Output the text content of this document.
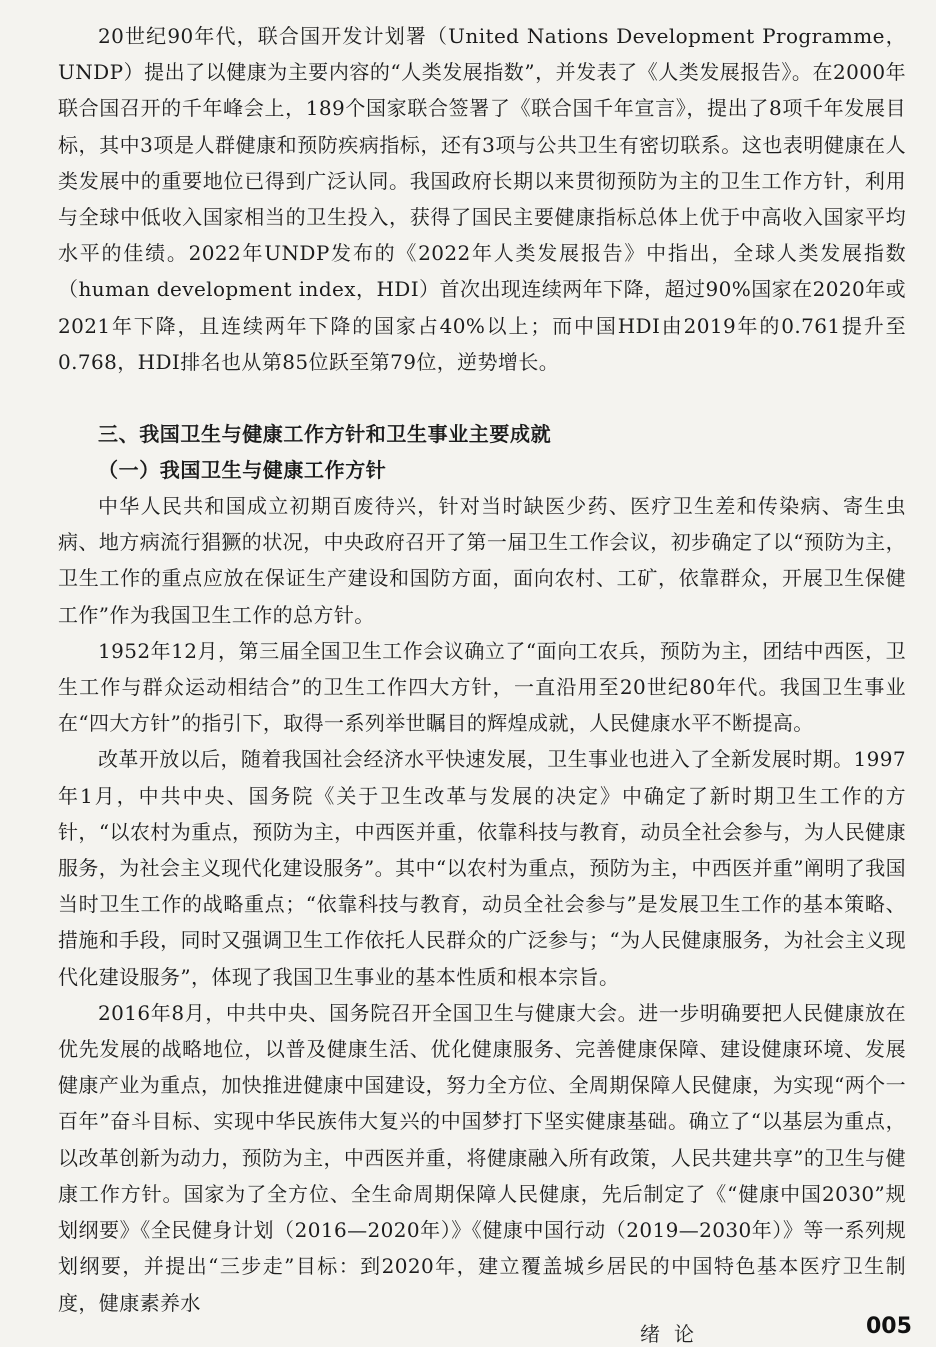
20世纪90年代，联合国开发计划署（United Nations Development Programme，UNDP）提出了以健康为主要内容的“人类发展指数”，并发表了《人类发展报告》。在2000年联合国召开的千年峰会上，189个国家联合签署了《联合国千年宣言》，提出了8项千年发展目标，其中3项是人群健康和预防疾病指标，还有3项与公共卫生有密切联系。这也表明健康在人类发展中的重要地位已得到广泛认同。我国政府长期以来贯彻预防为主的卫生工作方针，利用与全球中低收入国家相当的卫生投入，获得了国民主要健康指标总体上优于中高收入国家平均水平的佳绩。2022年UNDP发布的《2022年人类发展报告》中指出，全球人类发展指数（human development index，HDI）首次出现连续两年下降，超过90%国家在2020年或2021年下降，且连续两年下降的国家占40%以上；而中国HDI由2019年的0.761提升至0.768，HDI排名也从第85位跃至第79位，逆势增长。

三、我国卫生与健康工作方针和卫生事业主要成就
（一）我国卫生与健康工作方针

中华人民共和国成立初期百废待兴，针对当时缺医少药、医疗卫生差和传染病、寄生虫病、地方病流行猖獗的状况，中央政府召开了第一届卫生工作会议，初步确定了以“预防为主，卫生工作的重点应放在保证生产建设和国防方面，面向农村、工矿，依靠群众，开展卫生保健工作”作为我国卫生工作的总方针。

1952年12月，第三届全国卫生工作会议确立了“面向工农兵，预防为主，团结中西医，卫生工作与群众运动相结合”的卫生工作四大方针，一直沿用至20世纪80年代。我国卫生事业在“四大方针”的指引下，取得一系列举世瞩目的辉煌成就，人民健康水平不断提高。

改革开放以后，随着我国社会经济水平快速发展，卫生事业也进入了全新发展时期。1997年1月，中共中央、国务院《关于卫生改革与发展的决定》中确定了新时期卫生工作的方针，“以农村为重点，预防为主，中西医并重，依靠科技与教育，动员全社会参与，为人民健康服务，为社会主义现代化建设服务”。其中“以农村为重点，预防为主，中西医并重”阐明了我国当时卫生工作的战略重点；“依靠科技与教育，动员全社会参与”是发展卫生工作的基本策略、措施和手段，同时又强调卫生工作依托人民群众的广泛参与；“为人民健康服务，为社会主义现代化建设服务”，体现了我国卫生事业的基本性质和根本宗旨。

2016年8月，中共中央、国务院召开全国卫生与健康大会。进一步明确要把人民健康放在优先发展的战略地位，以普及健康生活、优化健康服务、完善健康保障、建设健康环境、发展健康产业为重点，加快推进健康中国建设，努力全方位、全周期保障人民健康，为实现“两个一百年”奋斗目标、实现中华民族伟大复兴的中国梦打下坚实健康基础。确立了“以基层为重点，以改革创新为动力，预防为主，中西医并重，将健康融入所有政策，人民共建共享”的卫生与健康工作方针。国家为了全方位、全生命周期保障人民健康，先后制定了《“健康中国2030”规划纲要》《全民健身计划（2016—2020年）》《健康中国行动（2019—2030年）》等一系列规划纲要，并提出“三步走”目标：到2020年，建立覆盖城乡居民的中国特色基本医疗卫生制度，健康素养水

绪论	005
